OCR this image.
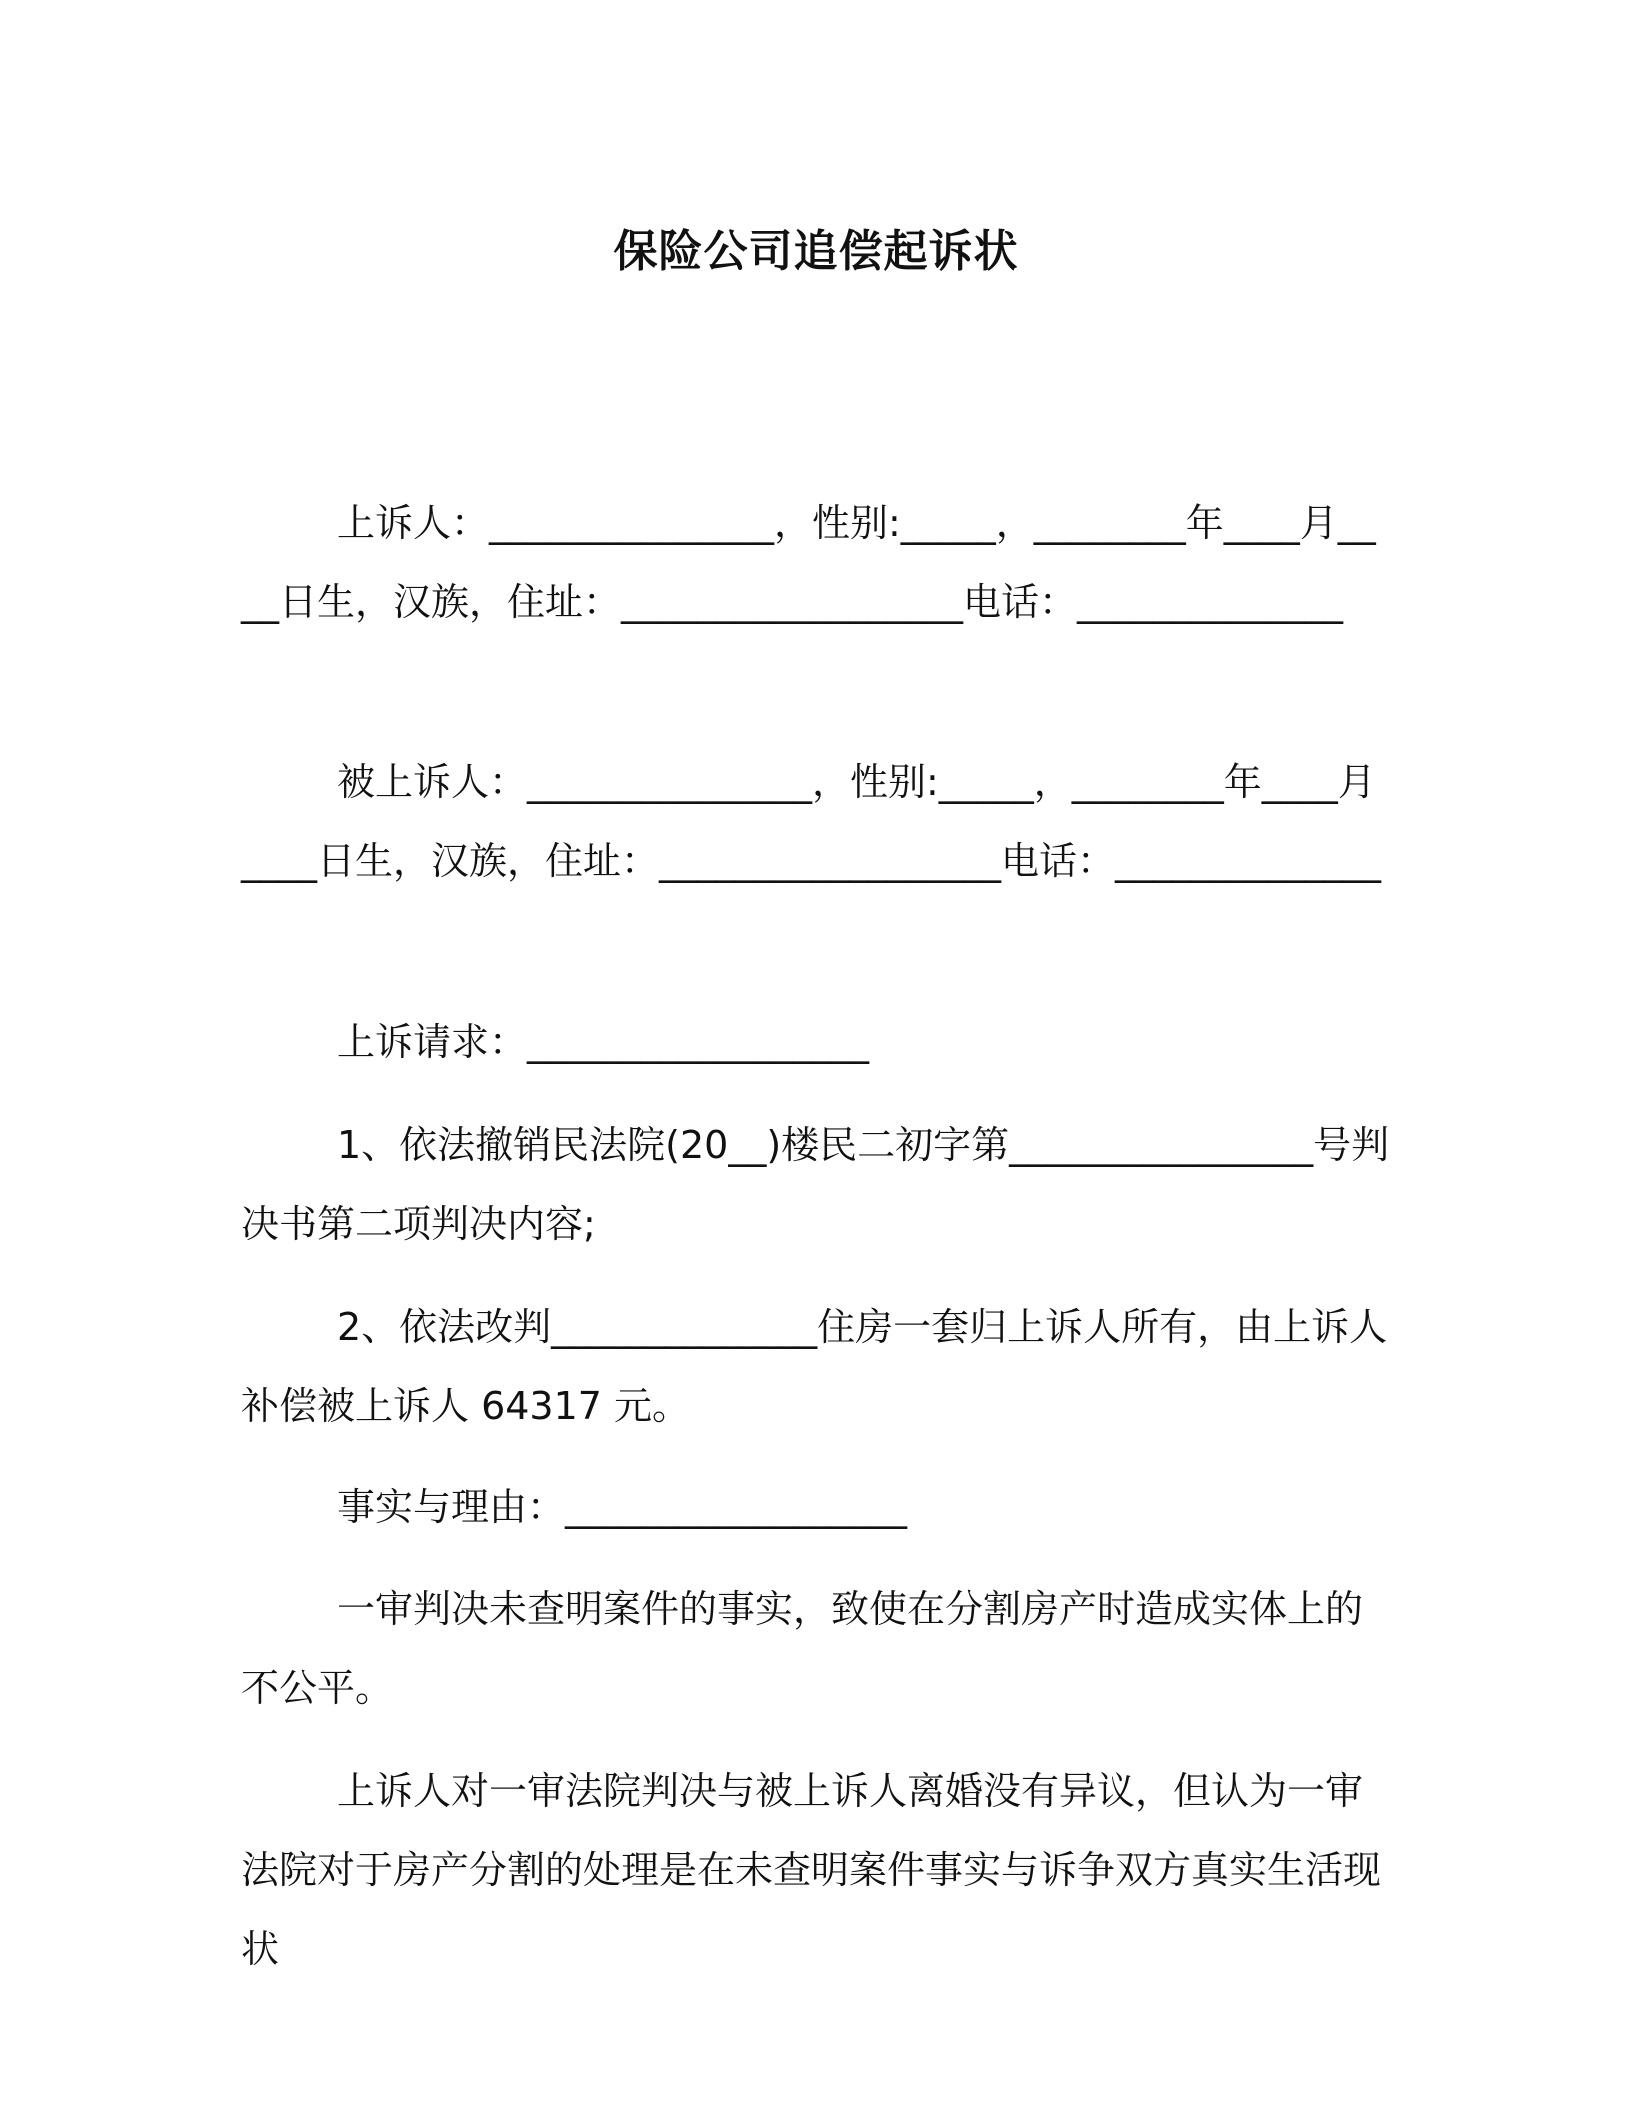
保险公司追偿起诉状
上诉人：_______________，性别:_____，________年____月____日生，汉族，住址：__________________电话：______________
被上诉人：_______________，性别:_____，________年____月____日生，汉族，住址：__________________电话：______________
上诉请求：__________________
1、依法撤销民法院(20__)楼民二初字第________________号判决书第二项判决内容;
2、依法改判______________住房一套归上诉人所有，由上诉人补偿被上诉人 64317 元。
事实与理由：__________________
一审判决未查明案件的事实，致使在分割房产时造成实体上的不公平。
上诉人对一审法院判决与被上诉人离婚没有异议，但认为一审法院对于房产分割的处理是在未查明案件事实与诉争双方真实生活现状
